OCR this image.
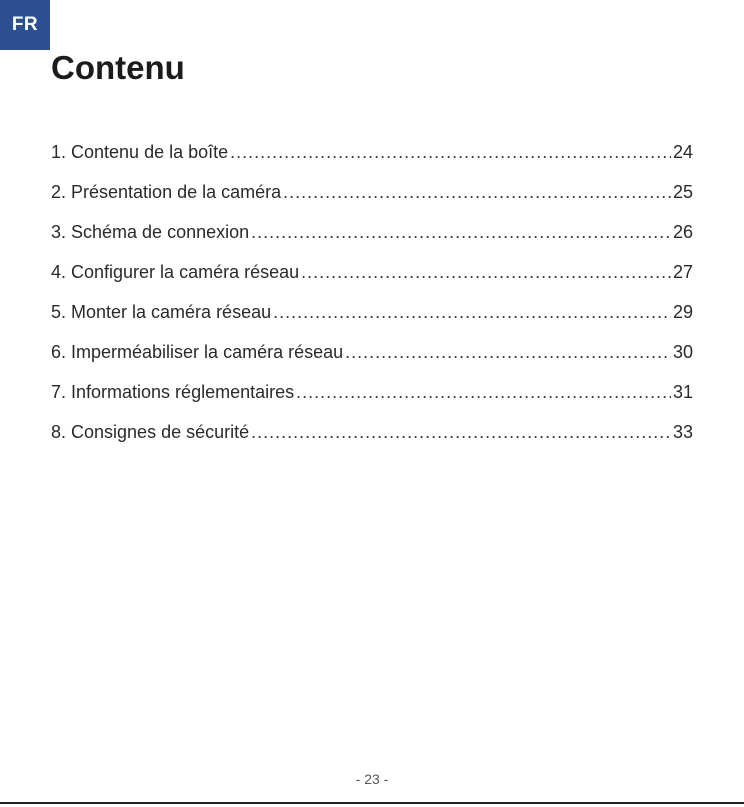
FR
Contenu
1. Contenu de la boîte .....	24
2. Présentation de la caméra .....	25
3. Schéma de connexion .....	26
4. Configurer la caméra réseau .....	27
5. Monter la caméra réseau .....	29
6. Imperméabiliser la caméra réseau .....	30
7. Informations réglementaires .....	31
8. Consignes de sécurité .....	33
- 23 -
